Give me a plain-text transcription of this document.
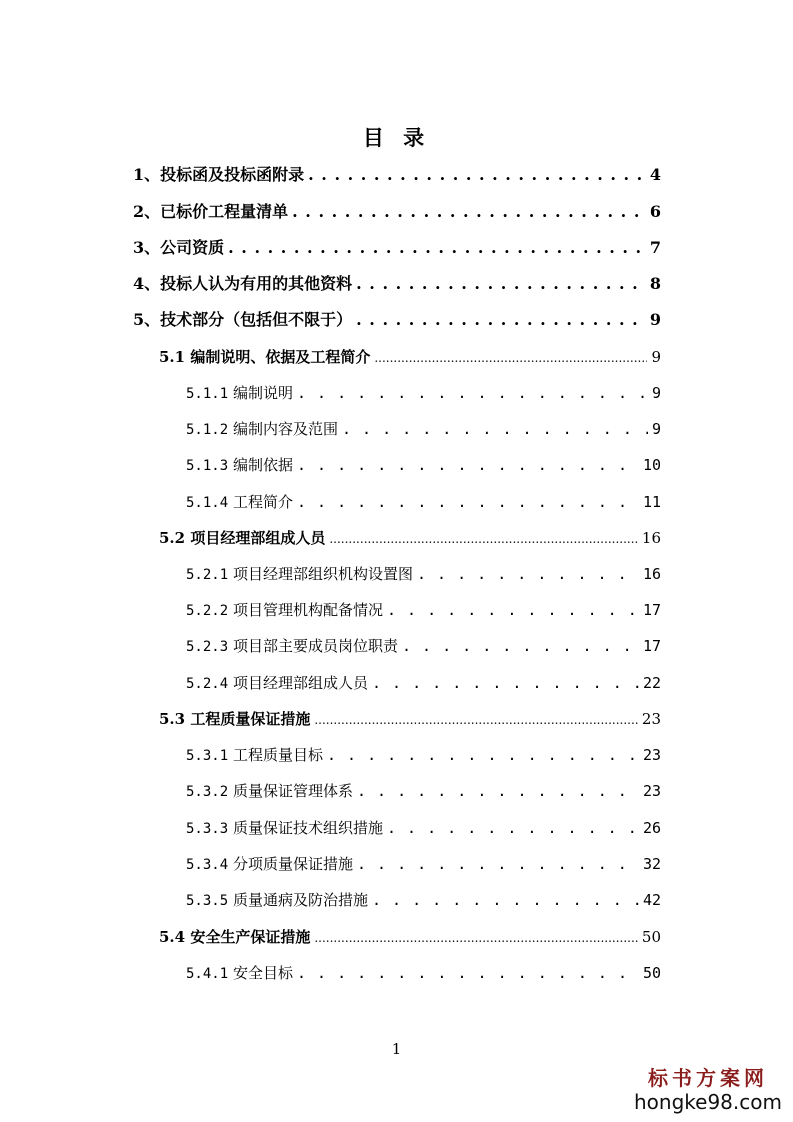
目 录
1、投标函及投标函附录 . . .	4
2、已标价工程量清单 . . .	6
3、公司资质 . . .	7
4、投标人认为有用的其他资料 . . .	8
5、技术部分（包括但不限于） . . .	9
5.1 编制说明、依据及工程简介 .....	9
5.1.1 编制说明 . . .	9
5.1.2 编制内容及范围 . . .	9
5.1.3 编制依据 . . .	10
5.1.4 工程简介 . . .	11
5.2 项目经理部组成人员 .....	16
5.2.1 项目经理部组织机构设置图 . . .	16
5.2.2 项目管理机构配备情况 . . .	17
5.2.3 项目部主要成员岗位职责 . . .	17
5.2.4 项目经理部组成人员 . . .	22
5.3 工程质量保证措施 .....	23
5.3.1 工程质量目标 . . .	23
5.3.2 质量保证管理体系 . . .	23
5.3.3 质量保证技术组织措施 . . .	26
5.3.4 分项质量保证措施 . . .	32
5.3.5 质量通病及防治措施 . . .	42
5.4 安全生产保证措施 .....	50
5.4.1 安全目标 . . .	50
1
标书方案网
hongke98.com
